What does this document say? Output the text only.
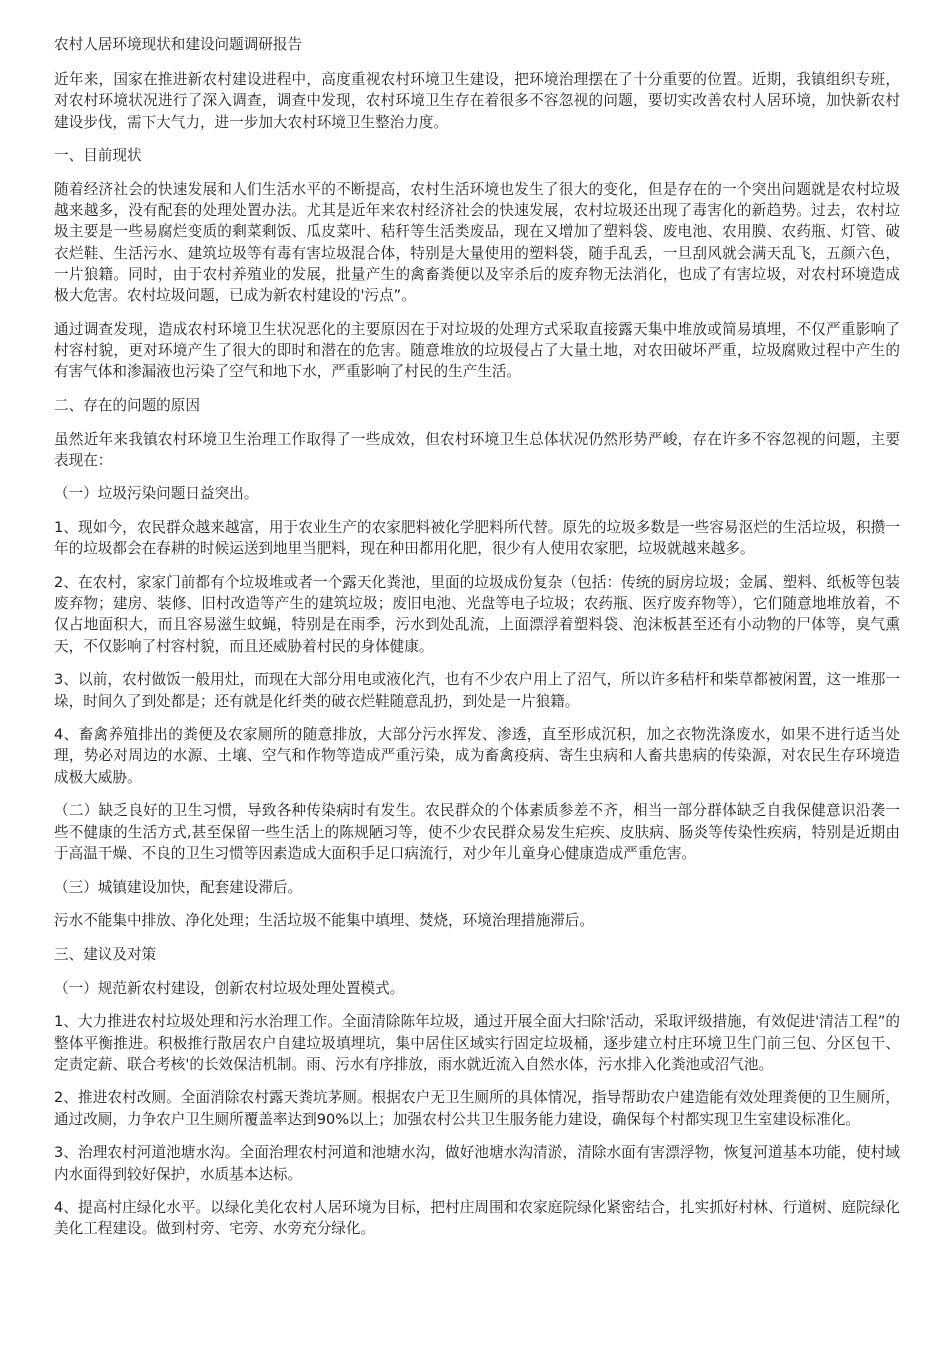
农村人居环境现状和建设问题调研报告

近年来，国家在推进新农村建设进程中，高度重视农村环境卫生建设，把环境治理摆在了十分重要的位置。近期，我镇组织专班，对农村环境状况进行了深入调查，调查中发现，农村环境卫生存在着很多不容忽视的问题，要切实改善农村人居环境，加快新农村建设步伐，需下大气力，进一步加大农村环境卫生整治力度。

一、目前现状

随着经济社会的快速发展和人们生活水平的不断提高，农村生活环境也发生了很大的变化，但是存在的一个突出问题就是农村垃圾越来越多，没有配套的处理处置办法。尤其是近年来农村经济社会的快速发展，农村垃圾还出现了毒害化的新趋势。过去，农村垃圾主要是一些易腐烂变质的剩菜剩饭、瓜皮菜叶、秸秆等生活类废品，现在又增加了塑料袋、废电池、农用膜、农药瓶、灯管、破衣烂鞋、生活污水、建筑垃圾等有毒有害垃圾混合体，特别是大量使用的塑料袋，随手乱丢，一旦刮风就会满天乱飞，五颜六色，一片狼籍。同时，由于农村养殖业的发展，批量产生的禽畜粪便以及宰杀后的废弃物无法消化，也成了有害垃圾，对农村环境造成极大危害。农村垃圾问题，已成为新农村建设的'污点”。

通过调查发现，造成农村环境卫生状况恶化的主要原因在于对垃圾的处理方式采取直接露天集中堆放或简易填埋，不仅严重影响了村容村貌，更对环境产生了很大的即时和潜在的危害。随意堆放的垃圾侵占了大量土地，对农田破坏严重，垃圾腐败过程中产生的有害气体和渗漏液也污染了空气和地下水，严重影响了村民的生产生活。

二、存在的问题的原因

虽然近年来我镇农村环境卫生治理工作取得了一些成效，但农村环境卫生总体状况仍然形势严峻，存在许多不容忽视的问题，主要表现在：

（一）垃圾污染问题日益突出。

1、现如今，农民群众越来越富，用于农业生产的农家肥料被化学肥料所代替。原先的垃圾多数是一些容易沤烂的生活垃圾，积攒一年的垃圾都会在春耕的时候运送到地里当肥料，现在种田都用化肥，很少有人使用农家肥，垃圾就越来越多。

2、在农村，家家门前都有个垃圾堆或者一个露天化粪池，里面的垃圾成份复杂（包括：传统的厨房垃圾；金属、塑料、纸板等包装废弃物；建房、装修、旧村改造等产生的建筑垃圾；废旧电池、光盘等电子垃圾；农药瓶、医疗废弃物等），它们随意地堆放着，不仅占地面积大，而且容易滋生蚊蝇，特别是在雨季，污水到处乱流，上面漂浮着塑料袋、泡沫板甚至还有小动物的尸体等，臭气熏天，不仅影响了村容村貌，而且还威胁着村民的身体健康。

3、以前，农村做饭一般用灶，而现在大部分用电或液化汽，也有不少农户用上了沼气，所以许多秸杆和柴草都被闲置，这一堆那一垛，时间久了到处都是；还有就是化纤类的破衣烂鞋随意乱扔，到处是一片狼籍。

4、畜禽养殖排出的粪便及农家厕所的随意排放，大部分污水挥发、渗透，直至形成沉积，加之衣物洗涤废水，如果不进行适当处理，势必对周边的水源、土壤、空气和作物等造成严重污染，成为畜禽疫病、寄生虫病和人畜共患病的传染源，对农民生存环境造成极大威胁。

（二）缺乏良好的卫生习惯，导致各种传染病时有发生。农民群众的个体素质参差不齐，相当一部分群体缺乏自我保健意识沿袭一些不健康的生活方式,甚至保留一些生活上的陈规陋习等，使不少农民群众易发生疟疾、皮肤病、肠炎等传染性疾病，特别是近期由于高温干燥、不良的卫生习惯等因素造成大面积手足口病流行，对少年儿童身心健康造成严重危害。

（三）城镇建设加快，配套建设滞后。

污水不能集中排放、净化处理；生活垃圾不能集中填埋、焚烧，环境治理措施滞后。

三、建议及对策

（一）规范新农村建设，创新农村垃圾处理处置模式。

1、大力推进农村垃圾处理和污水治理工作。全面清除陈年垃圾，通过开展全面大扫除'活动，采取评级措施，有效促进'清洁工程”的整体平衡推进。积极推行散居农户自建垃圾填埋坑，集中居住区域实行固定垃圾桶，逐步建立村庄环境卫生门前三包、分区包干、定责定薪、联合考核'的长效保洁机制。雨、污水有序排放，雨水就近流入自然水体，污水排入化粪池或沼气池。

2、推进农村改厕。全面消除农村露天粪坑茅厕。根据农户无卫生厕所的具体情况，指导帮助农户建造能有效处理粪便的卫生厕所，通过改厕，力争农户卫生厕所覆盖率达到90%以上；加强农村公共卫生服务能力建设，确保每个村都实现卫生室建设标准化。

3、治理农村河道池塘水沟。全面治理农村河道和池塘水沟，做好池塘水沟清淤，清除水面有害漂浮物，恢复河道基本功能，使村域内水面得到较好保护，水质基本达标。

4、提高村庄绿化水平。以绿化美化农村人居环境为目标，把村庄周围和农家庭院绿化紧密结合，扎实抓好村林、行道树、庭院绿化美化工程建设。做到村旁、宅旁、水旁充分绿化。
